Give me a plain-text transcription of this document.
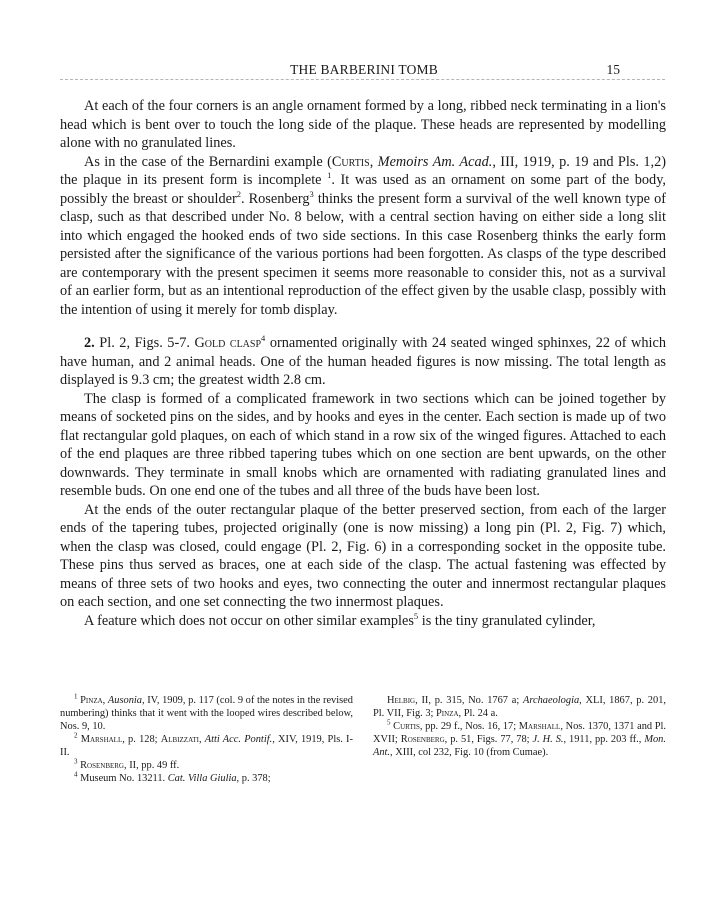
THE BARBERINI TOMB	15

At each of the four corners is an angle ornament formed by a long, ribbed neck terminating in a lion's head which is bent over to touch the long side of the plaque. These heads are represented by modelling alone with no granulated lines.

As in the case of the Bernardini example (Curtis, Memoirs Am. Acad., III, 1919, p. 19 and Pls. 1,2) the plaque in its present form is incomplete $^1$. It was used as an ornament on some part of the body, possibly the breast or shoulder$^2$. Rosenberg$^3$ thinks the present form a survival of the well known type of clasp, such as that described under No. 8 below, with a central section having on either side a long slit into which engaged the hooked ends of two side sections. In this case Rosenberg thinks the early form persisted after the significance of the various portions had been forgotten. As clasps of the type described are contemporary with the present specimen it seems more reasonable to consider this, not as a survival of an earlier form, but as an intentional reproduction of the effect given by the usable clasp, possibly with the intention of using it merely for tomb display.

2. Pl. 2, Figs. 5-7. Gold clasp$^4$ ornamented originally with 24 seated winged sphinxes, 22 of which have human, and 2 animal heads. One of the human headed figures is now missing. The total length as displayed is 9.3 cm; the greatest width 2.8 cm.

The clasp is formed of a complicated framework in two sections which can be joined together by means of socketed pins on the sides, and by hooks and eyes in the center. Each section is made up of two flat rectangular gold plaques, on each of which stand in a row six of the winged figures. Attached to each of the end plaques are three ribbed tapering tubes which on one section are bent upwards, on the other downwards. They terminate in small knobs which are ornamented with radiating granulated lines and resemble buds. On one end one of the tubes and all three of the buds have been lost.

At the ends of the outer rectangular plaque of the better preserved section, from each of the larger ends of the tapering tubes, projected originally (one is now missing) a long pin (Pl. 2, Fig. 7) which, when the clasp was closed, could engage (Pl. 2, Fig. 6) in a corresponding socket in the opposite tube. These pins thus served as braces, one at each side of the clasp. The actual fastening was effected by means of three sets of two hooks and eyes, two connecting the outer and innermost rectangular plaques on each section, and one set connecting the two innermost plaques.

A feature which does not occur on other similar examples$^5$ is the tiny granulated cylinder,

$^1$ Pinza, Ausonia, IV, 1909, p. 117 (col. 9 of the notes in the revised numbering) thinks that it went with the looped wires described below, Nos. 9, 10.

$^2$ Marshall, p. 128; Albizzati, Atti Acc. Pontif., XIV, 1919, Pls. I-II.

$^3$ Rosenberg, II, pp. 49 ff.

$^4$ Museum No. 13211. Cat. Villa Giulia, p. 378;

Helbig, II, p. 315, No. 1767 a; Archaeologia, XLI, 1867, p. 201, Pl. VII, Fig. 3; Pinza, Pl. 24 a.

$^5$ Curtis, pp. 29 f., Nos. 16, 17; Marshall, Nos. 1370, 1371 and Pl. XVII; Rosenberg, p. 51, Figs. 77, 78; J. H. S., 1911, pp. 203 ff., Mon. Ant., XIII, col 232, Fig. 10 (from Cumae).
